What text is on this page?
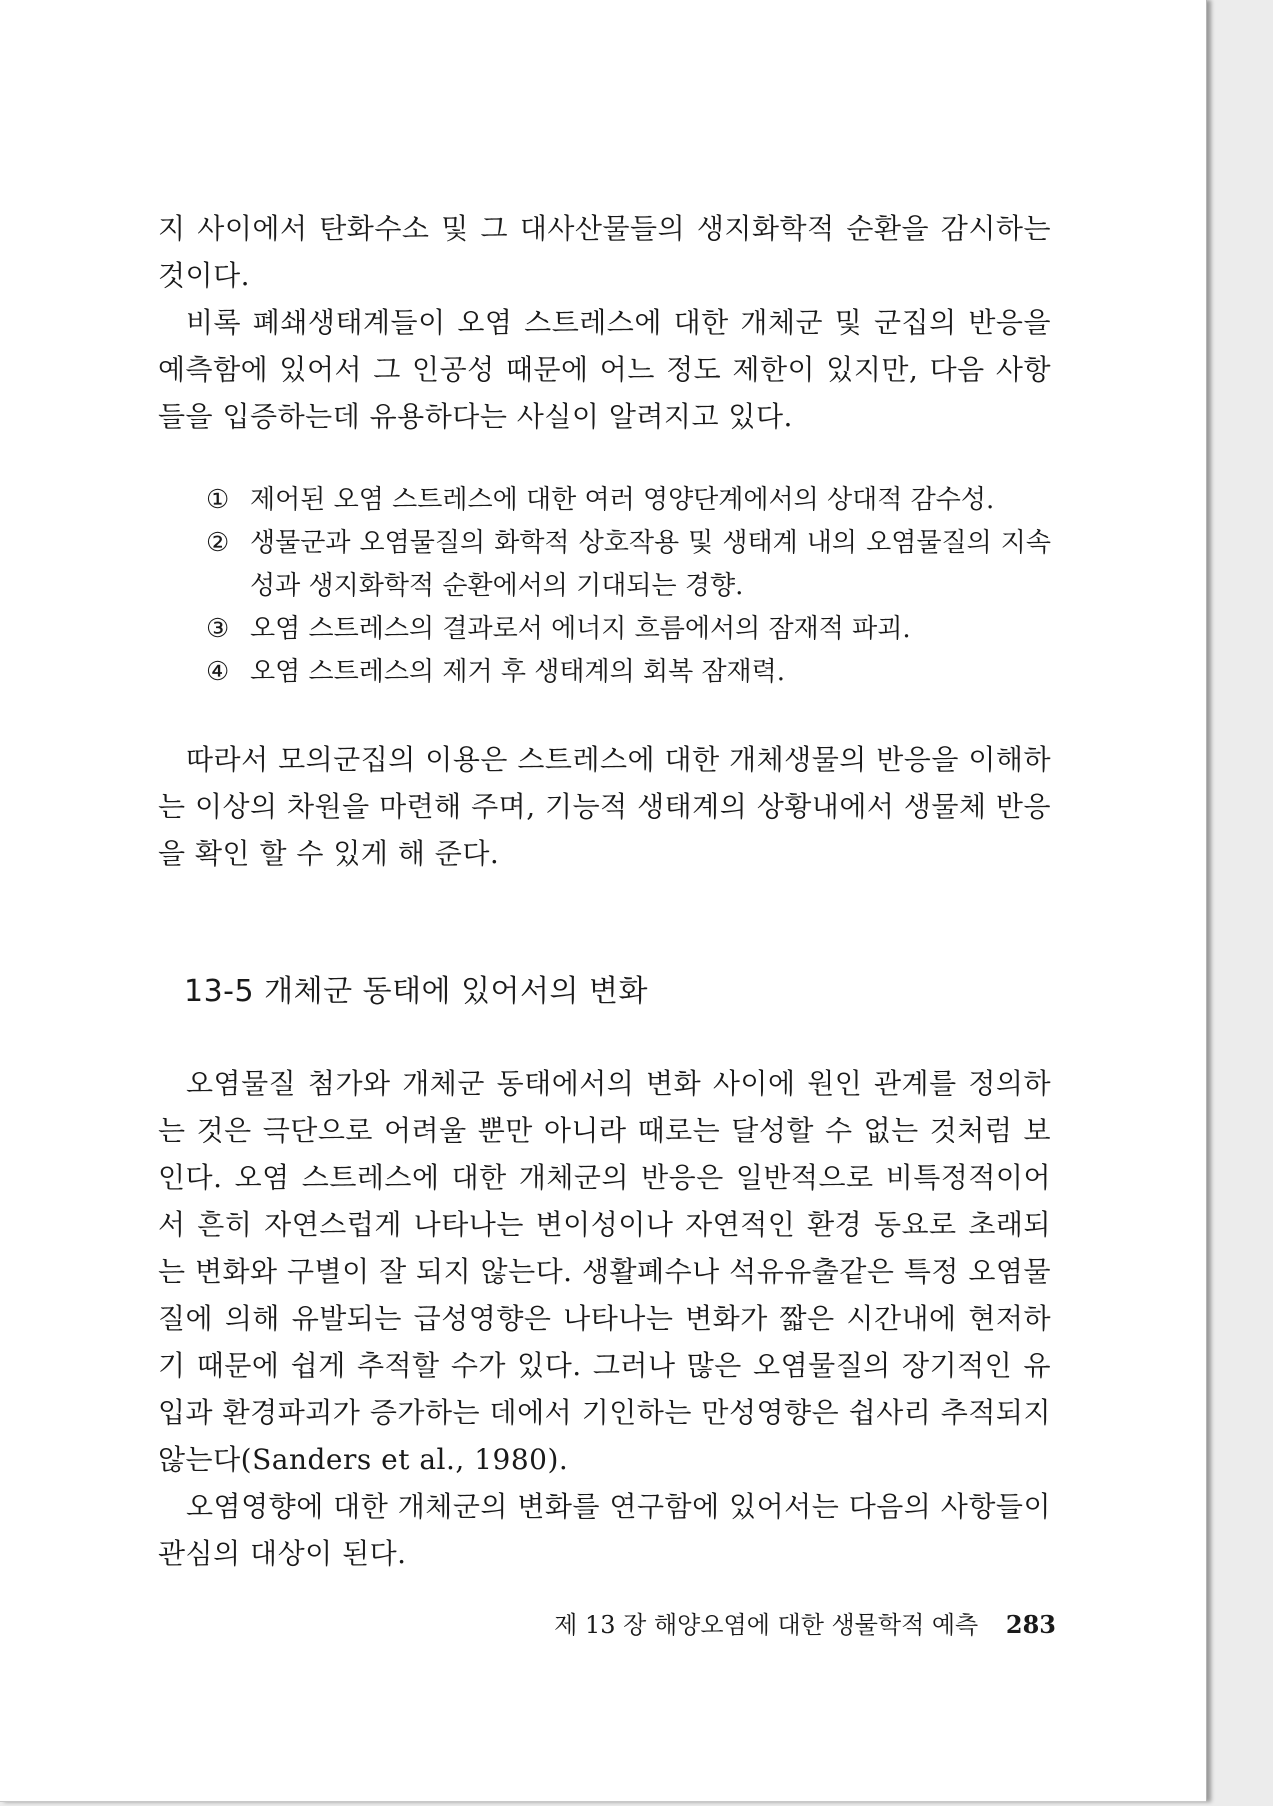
지 사이에서 탄화수소 및 그 대사산물들의 생지화학적 순환을 감시하는 것이다.

비록 폐쇄생태계들이 오염 스트레스에 대한 개체군 및 군집의 반응을 예측함에 있어서 그 인공성 때문에 어느 정도 제한이 있지만, 다음 사항들을 입증하는데 유용하다는 사실이 알려지고 있다.

① 제어된 오염 스트레스에 대한 여러 영양단계에서의 상대적 감수성.
② 생물군과 오염물질의 화학적 상호작용 및 생태계 내의 오염물질의 지속성과 생지화학적 순환에서의 기대되는 경향.
③ 오염 스트레스의 결과로서 에너지 흐름에서의 잠재적 파괴.
④ 오염 스트레스의 제거 후 생태계의 회복 잠재력.

따라서 모의군집의 이용은 스트레스에 대한 개체생물의 반응을 이해하는 이상의 차원을 마련해 주며, 기능적 생태계의 상황내에서 생물체 반응을 확인 할 수 있게 해 준다.

13-5 개체군 동태에 있어서의 변화

오염물질 첨가와 개체군 동태에서의 변화 사이에 원인 관계를 정의하는 것은 극단으로 어려울 뿐만 아니라 때로는 달성할 수 없는 것처럼 보인다. 오염 스트레스에 대한 개체군의 반응은 일반적으로 비특정적이어서 흔히 자연스럽게 나타나는 변이성이나 자연적인 환경 동요로 초래되는 변화와 구별이 잘 되지 않는다. 생활폐수나 석유유출같은 특정 오염물질에 의해 유발되는 급성영향은 나타나는 변화가 짧은 시간내에 현저하기 때문에 쉽게 추적할 수가 있다. 그러나 많은 오염물질의 장기적인 유입과 환경파괴가 증가하는 데에서 기인하는 만성영향은 쉽사리 추적되지 않는다(Sanders et al., 1980).

오염영향에 대한 개체군의 변화를 연구함에 있어서는 다음의 사항들이 관심의 대상이 된다.

제 13 장 해양오염에 대한 생물학적 예측 283
